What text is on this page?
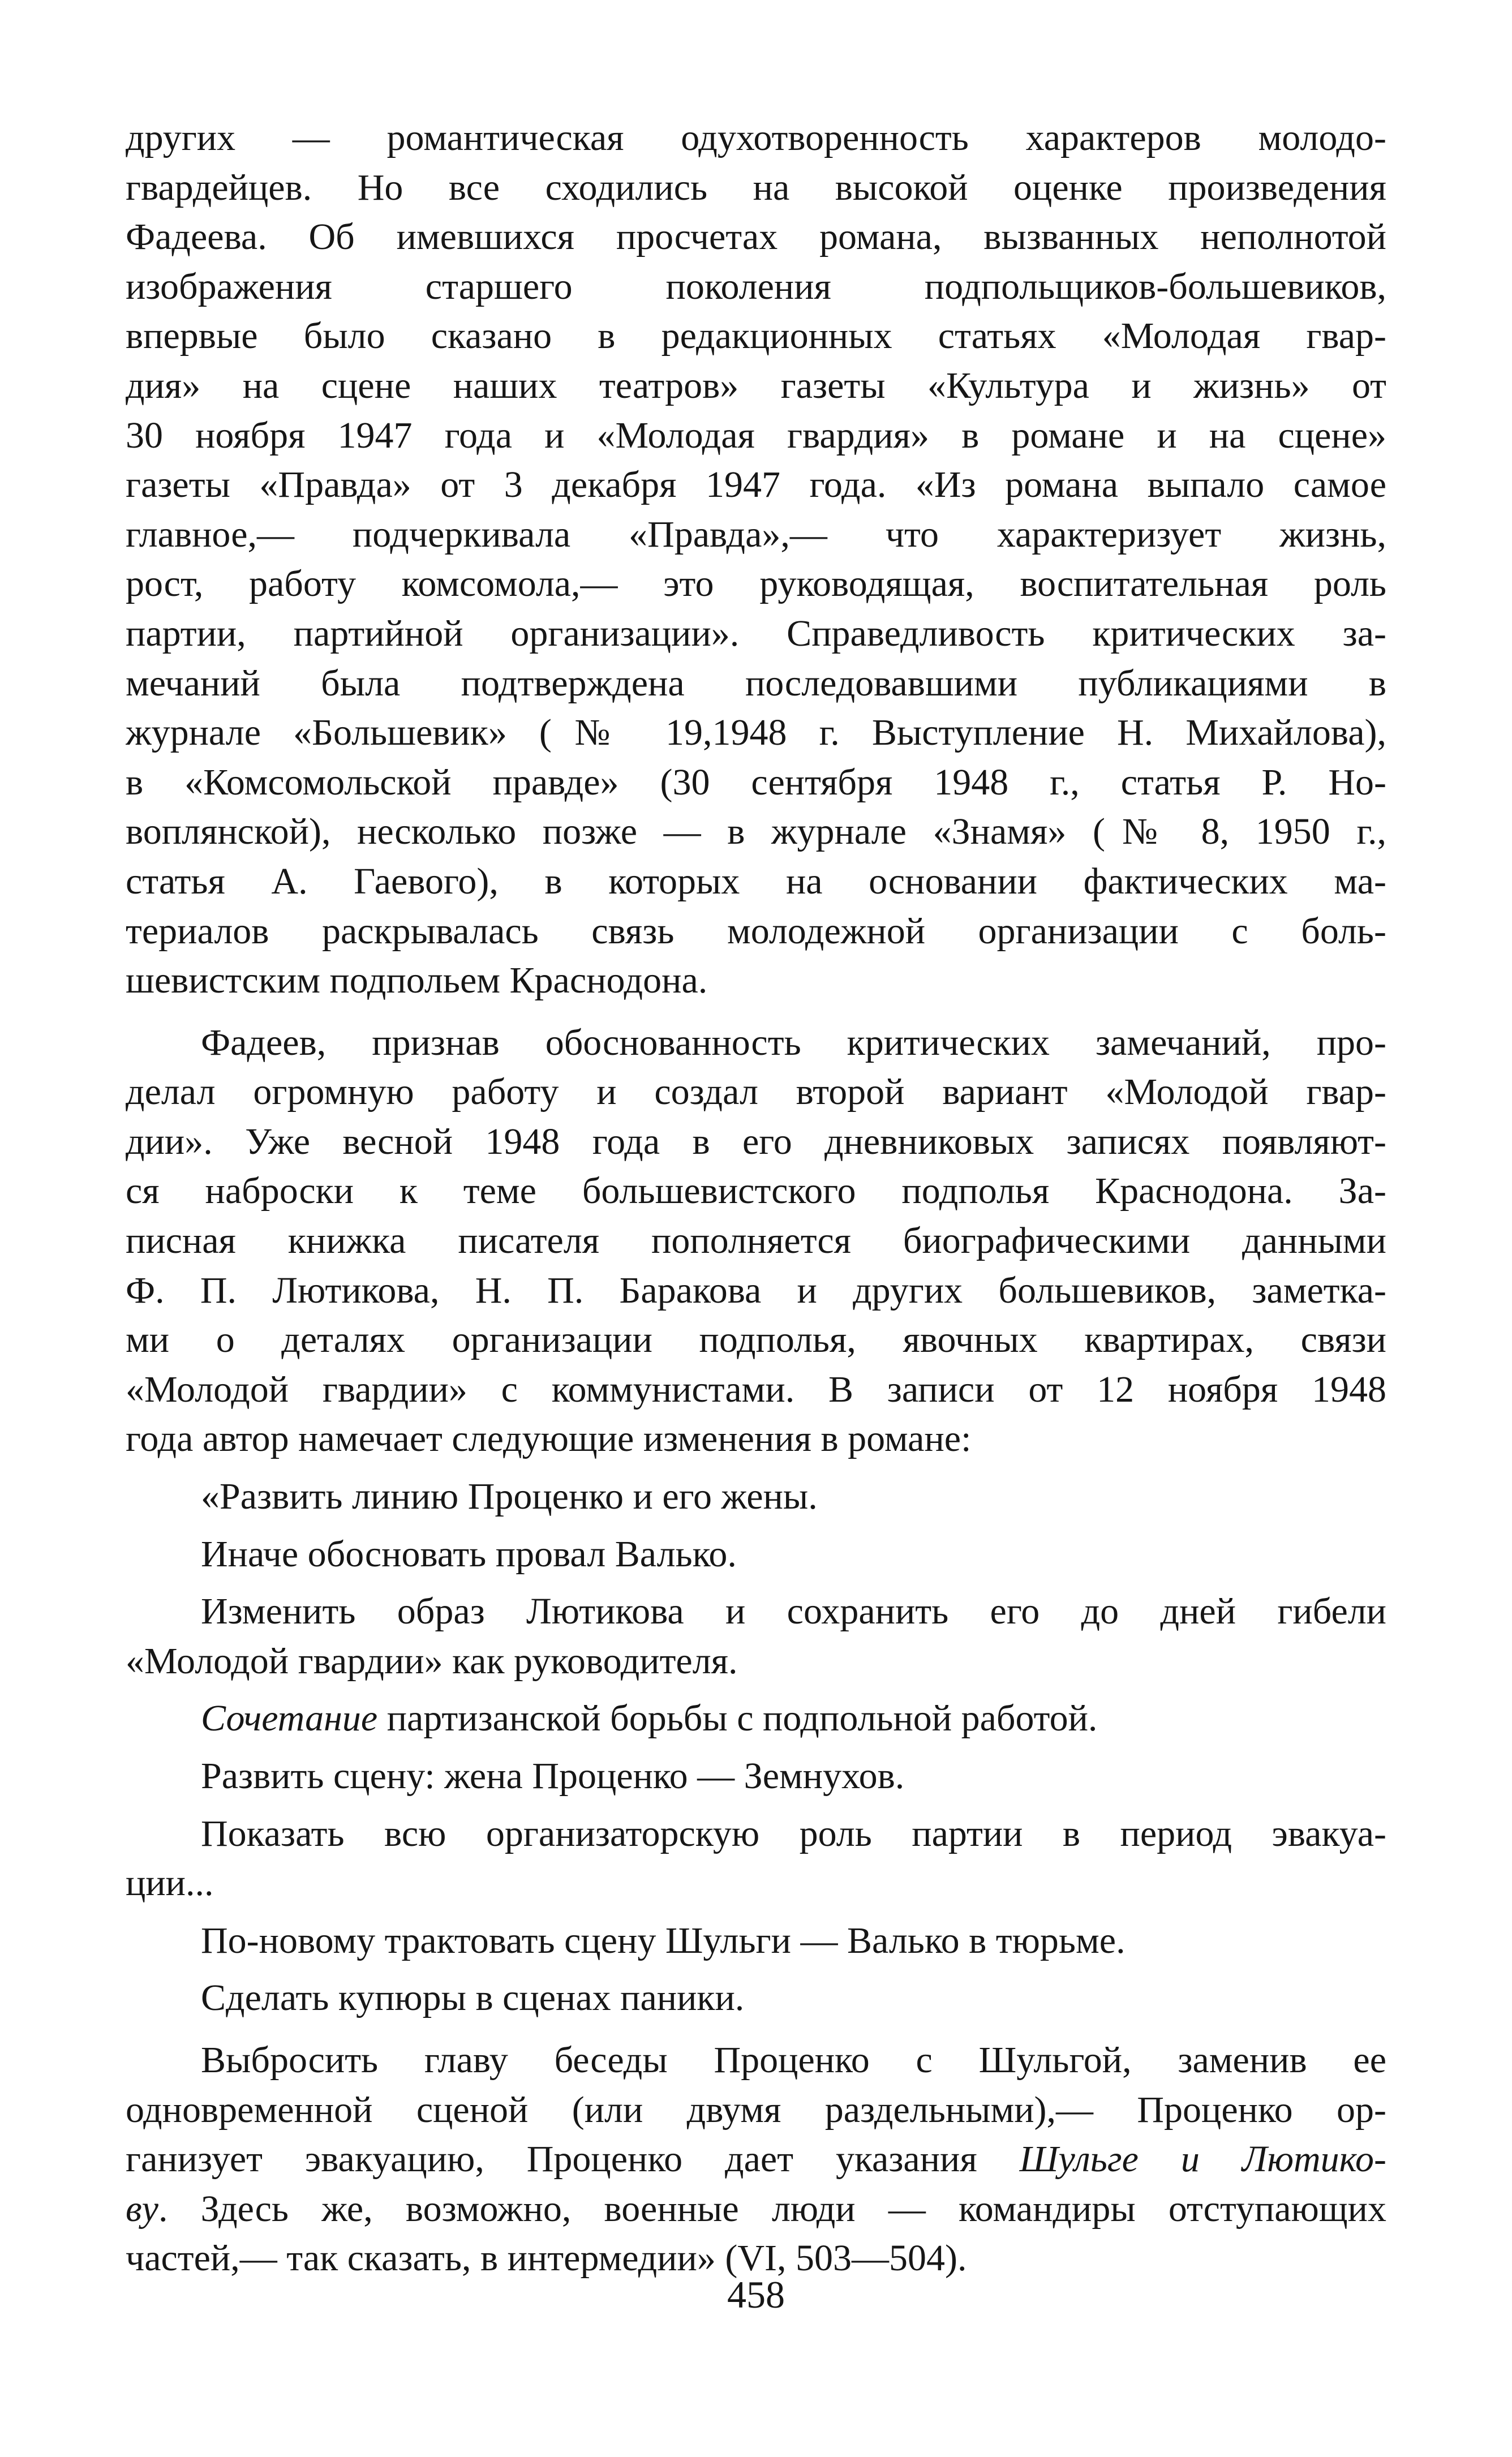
других — романтическая одухотворенность характеров молодо-
гвардейцев. Но все сходились на высокой оценке произведения
Фадеева. Об имевшихся просчетах романа, вызванных неполнотой
изображения старшего поколения подпольщиков-большевиков,
впервые было сказано в редакционных статьях «Молодая гвар-
дия» на сцене наших театров» газеты «Культура и жизнь» от
30 ноября 1947 года и «Молодая гвардия» в романе и на сцене»
газеты «Правда» от 3 декабря 1947 года. «Из романа выпало самое
главное,— подчеркивала «Правда»,— что характеризует жизнь,
рост, работу комсомола,— это руководящая, воспитательная роль
партии, партийной организации». Справедливость критических за-
мечаний была подтверждена последовавшими публикациями в
журнале «Большевик» (№ 19,1948 г. Выступление Н. Михайлова),
в «Комсомольской правде» (30 сентября 1948 г., статья Р. Но-
воплянской), несколько позже — в журнале «Знамя» (№ 8, 1950 г.,
статья А. Гаевого), в которых на основании фактических ма-
териалов раскрывалась связь молодежной организации с боль-
шевистским подпольем Краснодона.
Фадеев, признав обоснованность критических замечаний, про-
делал огромную работу и создал второй вариант «Молодой гвар-
дии». Уже весной 1948 года в его дневниковых записях появляют-
ся наброски к теме большевистского подполья Краснодона. За-
писная книжка писателя пополняется биографическими данными
Ф. П. Лютикова, Н. П. Баракова и других большевиков, заметка-
ми о деталях организации подполья, явочных квартирах, связи
«Молодой гвардии» с коммунистами. В записи от 12 ноября 1948
года автор намечает следующие изменения в романе:
«Развить линию Проценко и его жены.
Иначе обосновать провал Валько.
Изменить образ Лютикова и сохранить его до дней гибели
«Молодой гвардии» как руководителя.
Сочетание партизанской борьбы с подпольной работой.
Развить сцену: жена Проценко — Земнухов.
Показать всю организаторскую роль партии в период эвакуа-
ции...
По-новому трактовать сцену Шульги — Валько в тюрьме.
Сделать купюры в сценах паники.
Выбросить главу беседы Проценко с Шульгой, заменив ее
одновременной сценой (или двумя раздельными),— Проценко ор-
ганизует эвакуацию, Проценко дает указания Шульге и Лютико-
ву. Здесь же, возможно, военные люди — командиры отступающих
частей,— так сказать, в интермедии» (VI, 503—504).
458
